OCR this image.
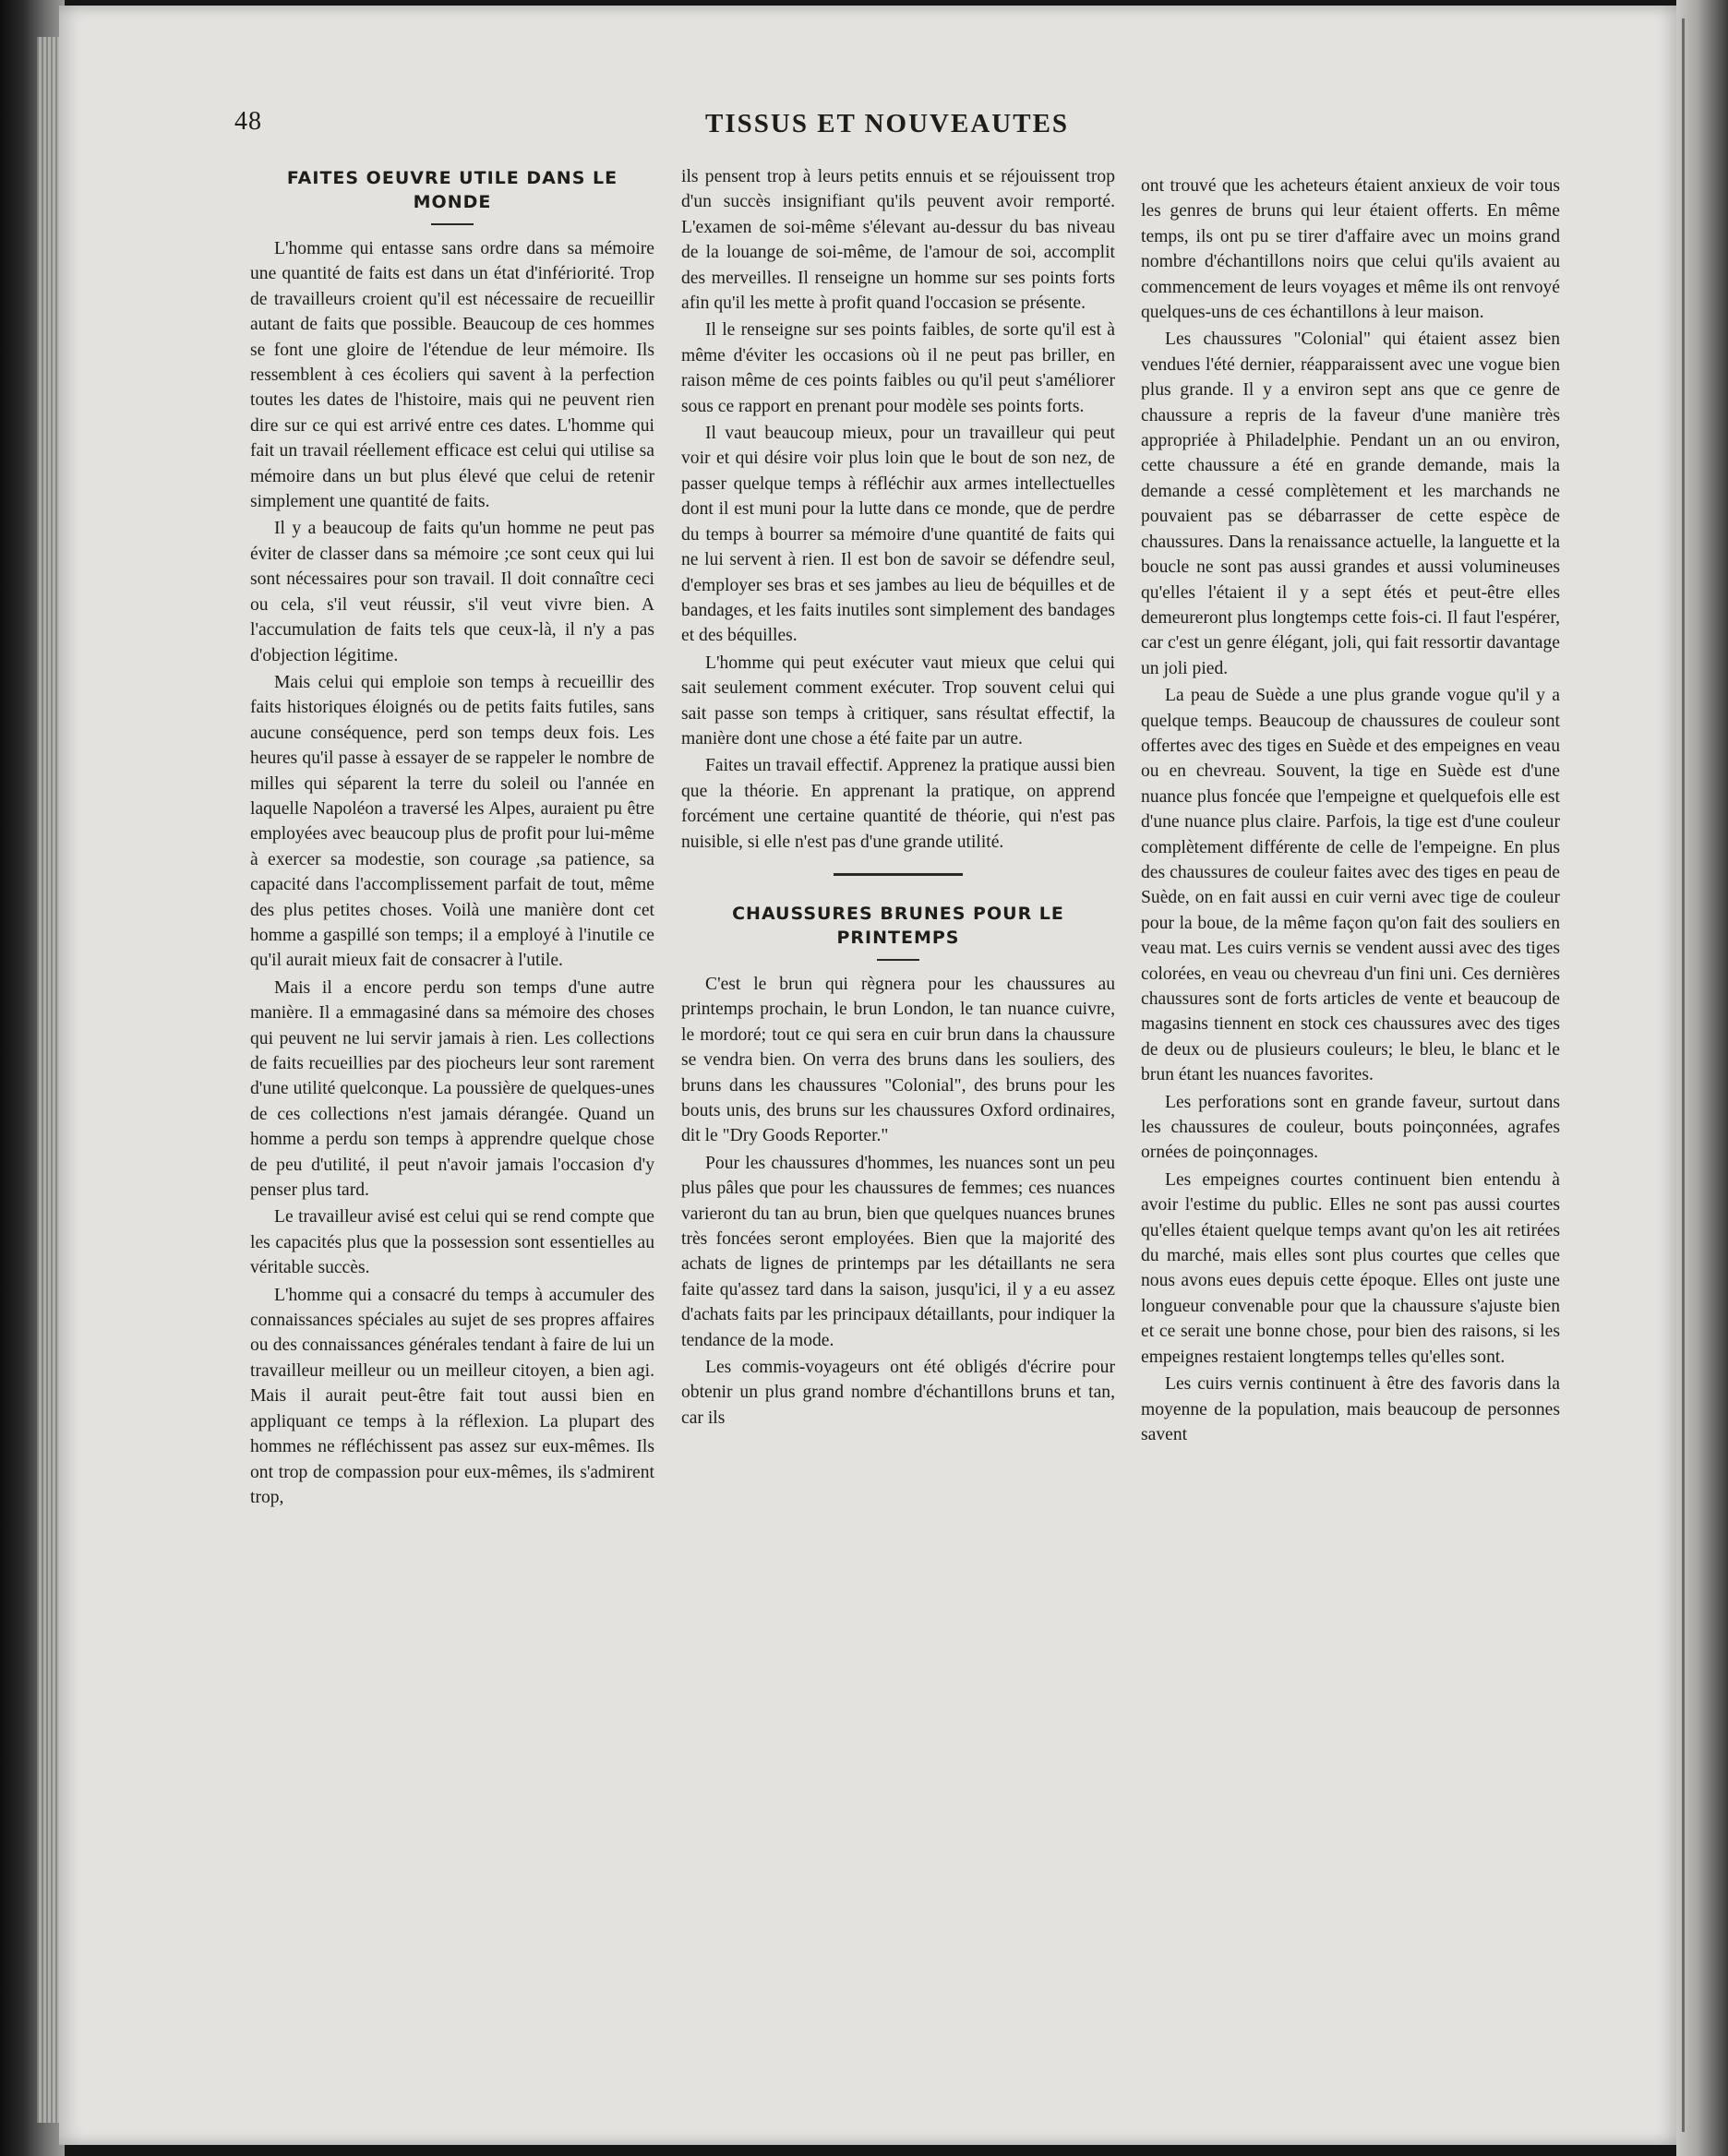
48	TISSUS ET NOUVEAUTES
FAITES OEUVRE UTILE DANS LE MONDE

L'homme qui entasse sans ordre dans sa mémoire une quantité de faits est dans un état d'infériorité. Trop de travailleurs croient qu'il est nécessaire de recueillir autant de faits que possible. Beaucoup de ces hommes se font une gloire de l'étendue de leur mémoire. Ils ressemblent à ces écoliers qui savent à la perfection toutes les dates de l'histoire, mais qui ne peuvent rien dire sur ce qui est arrivé entre ces dates. L'homme qui fait un travail réellement efficace est celui qui utilise sa mémoire dans un but plus élevé que celui de retenir simplement une quantité de faits.

Il y a beaucoup de faits qu'un homme ne peut pas éviter de classer dans sa mémoire ;ce sont ceux qui lui sont nécessaires pour son travail. Il doit connaître ceci ou cela, s'il veut réussir, s'il veut vivre bien. A l'accumulation de faits tels que ceux-là, il n'y a pas d'objection légitime.

Mais celui qui emploie son temps à recueillir des faits historiques éloignés ou de petits faits futiles, sans aucune conséquence, perd son temps deux fois. Les heures qu'il passe à essayer de se rappeler le nombre de milles qui séparent la terre du soleil ou l'année en laquelle Napoléon a traversé les Alpes, auraient pu être employées avec beaucoup plus de profit pour lui-même à exercer sa modestie, son courage ,sa patience, sa capacité dans l'accomplissement parfait de tout, même des plus petites choses. Voilà une manière dont cet homme a gaspillé son temps; il a employé à l'inutile ce qu'il aurait mieux fait de consacrer à l'utile.

Mais il a encore perdu son temps d'une autre manière. Il a emmagasiné dans sa mémoire des choses qui peuvent ne lui servir jamais à rien. Les collections de faits recueillies par des piocheurs leur sont rarement d'une utilité quelconque. La poussière de quelques-unes de ces collections n'est jamais dérangée. Quand un homme a perdu son temps à apprendre quelque chose de peu d'utilité, il peut n'avoir jamais l'occasion d'y penser plus tard.

Le travailleur avisé est celui qui se rend compte que les capacités plus que la possession sont essentielles au véritable succès.

L'homme qui a consacré du temps à accumuler des connaissances spéciales au sujet de ses propres affaires ou des connaissances générales tendant à faire de lui un travailleur meilleur ou un meilleur citoyen, a bien agi. Mais il aurait peut-être fait tout aussi bien en appliquant ce temps à la réflexion. La plupart des hommes ne réfléchissent pas assez sur eux-mêmes. Ils ont trop de compassion pour eux-mêmes, ils s'admirent trop,

ils pensent trop à leurs petits ennuis et se réjouissent trop d'un succès insignifiant qu'ils peuvent avoir remporté. L'examen de soi-même s'élevant au-dessur du bas niveau de la louange de soi-même, de l'amour de soi, accomplit des merveilles. Il renseigne un homme sur ses points forts afin qu'il les mette à profit quand l'occasion se présente.

Il le renseigne sur ses points faibles, de sorte qu'il est à même d'éviter les occasions où il ne peut pas briller, en raison même de ces points faibles ou qu'il peut s'améliorer sous ce rapport en prenant pour modèle ses points forts.

Il vaut beaucoup mieux, pour un travailleur qui peut voir et qui désire voir plus loin que le bout de son nez, de passer quelque temps à réfléchir aux armes intellectuelles dont il est muni pour la lutte dans ce monde, que de perdre du temps à bourrer sa mémoire d'une quantité de faits qui ne lui servent à rien. Il est bon de savoir se défendre seul, d'employer ses bras et ses jambes au lieu de béquilles et de bandages, et les faits inutiles sont simplement des bandages et des béquilles.

L'homme qui peut exécuter vaut mieux que celui qui sait seulement comment exécuter. Trop souvent celui qui sait passe son temps à critiquer, sans résultat effectif, la manière dont une chose a été faite par un autre.

Faites un travail effectif. Apprenez la pratique aussi bien que la théorie. En apprenant la pratique, on apprend forcément une certaine quantité de théorie, qui n'est pas nuisible, si elle n'est pas d'une grande utilité.

CHAUSSURES BRUNES POUR LE PRINTEMPS

C'est le brun qui règnera pour les chaussures au printemps prochain, le brun London, le tan nuance cuivre, le mordoré; tout ce qui sera en cuir brun dans la chaussure se vendra bien. On verra des bruns dans les souliers, des bruns dans les chaussures "Colonial", des bruns pour les bouts unis, des bruns sur les chaussures Oxford ordinaires, dit le "Dry Goods Reporter."

Pour les chaussures d'hommes, les nuances sont un peu plus pâles que pour les chaussures de femmes; ces nuances varieront du tan au brun, bien que quelques nuances brunes très foncées seront employées. Bien que la majorité des achats de lignes de printemps par les détaillants ne sera faite qu'assez tard dans la saison, jusqu'ici, il y a eu assez d'achats faits par les principaux détaillants, pour indiquer la tendance de la mode.

Les commis-voyageurs ont été obligés d'écrire pour obtenir un plus grand nombre d'échantillons bruns et tan, car ils

ont trouvé que les acheteurs étaient anxieux de voir tous les genres de bruns qui leur étaient offerts. En même temps, ils ont pu se tirer d'affaire avec un moins grand nombre d'échantillons noirs que celui qu'ils avaient au commencement de leurs voyages et même ils ont renvoyé quelques-uns de ces échantillons à leur maison.

Les chaussures "Colonial" qui étaient assez bien vendues l'été dernier, réapparaissent avec une vogue bien plus grande. Il y a environ sept ans que ce genre de chaussure a repris de la faveur d'une manière très appropriée à Philadelphie. Pendant un an ou environ, cette chaussure a été en grande demande, mais la demande a cessé complètement et les marchands ne pouvaient pas se débarrasser de cette espèce de chaussures. Dans la renaissance actuelle, la languette et la boucle ne sont pas aussi grandes et aussi volumineuses qu'elles l'étaient il y a sept étés et peut-être elles demeureront plus longtemps cette fois-ci. Il faut l'espérer, car c'est un genre élégant, joli, qui fait ressortir davantage un joli pied.

La peau de Suède a une plus grande vogue qu'il y a quelque temps. Beaucoup de chaussures de couleur sont offertes avec des tiges en Suède et des empeignes en veau ou en chevreau. Souvent, la tige en Suède est d'une nuance plus foncée que l'empeigne et quelquefois elle est d'une nuance plus claire. Parfois, la tige est d'une couleur complètement différente de celle de l'empeigne. En plus des chaussures de couleur faites avec des tiges en peau de Suède, on en fait aussi en cuir verni avec tige de couleur pour la boue, de la même façon qu'on fait des souliers en veau mat. Les cuirs vernis se vendent aussi avec des tiges colorées, en veau ou chevreau d'un fini uni. Ces dernières chaussures sont de forts articles de vente et beaucoup de magasins tiennent en stock ces chaussures avec des tiges de deux ou de plusieurs couleurs; le bleu, le blanc et le brun étant les nuances favorites.

Les perforations sont en grande faveur, surtout dans les chaussures de couleur, bouts poinçonnées, agrafes ornées de poinçonnages.

Les empeignes courtes continuent bien entendu à avoir l'estime du public. Elles ne sont pas aussi courtes qu'elles étaient quelque temps avant qu'on les ait retirées du marché, mais elles sont plus courtes que celles que nous avons eues depuis cette époque. Elles ont juste une longueur convenable pour que la chaussure s'ajuste bien et ce serait une bonne chose, pour bien des raisons, si les empeignes restaient longtemps telles qu'elles sont.

Les cuirs vernis continuent à être des favoris dans la moyenne de la population, mais beaucoup de personnes savent
